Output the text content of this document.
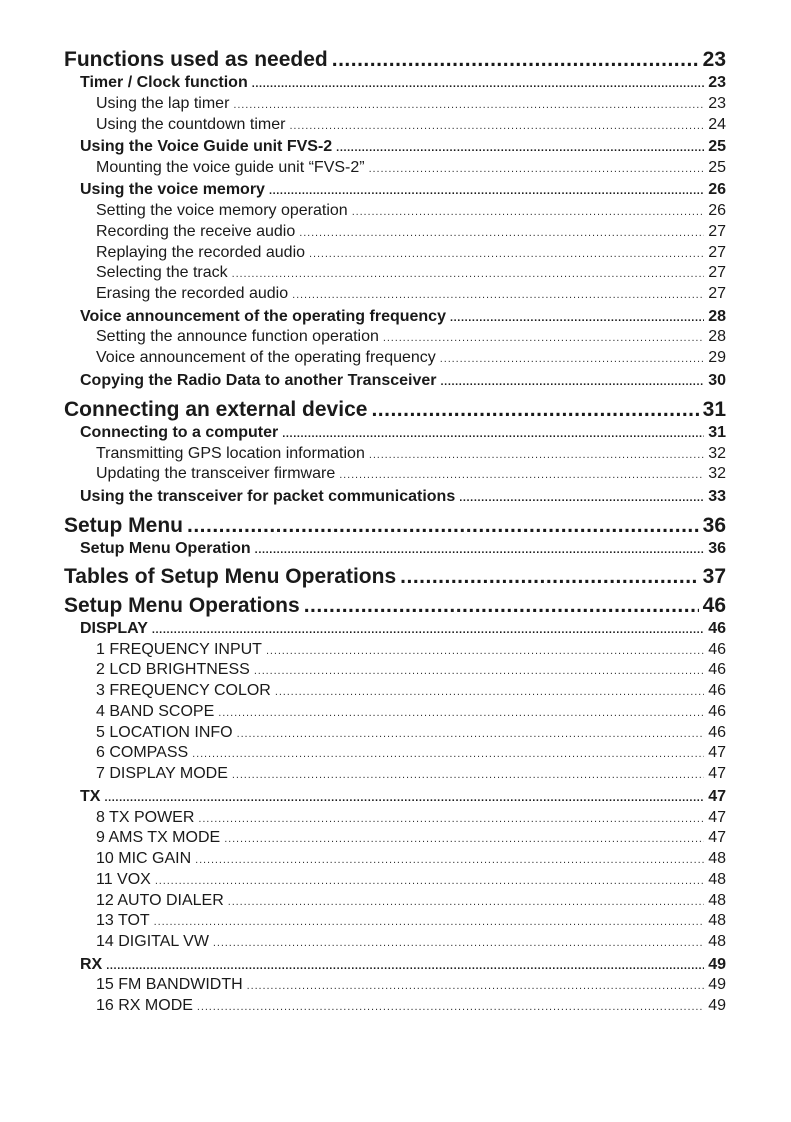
Functions used as needed .....	23
Timer / Clock function .....	23
Using the lap timer .....	23
Using the countdown timer .....	24
Using the Voice Guide unit FVS-2 .....	25
Mounting the voice guide unit “FVS-2” .....	25
Using the voice memory .....	26
Setting the voice memory operation .....	26
Recording the receive audio .....	27
Replaying the recorded audio .....	27
Selecting the track .....	27
Erasing the recorded audio .....	27
Voice announcement of the operating frequency .....	28
Setting the announce function operation .....	28
Voice announcement of the operating frequency .....	29
Copying the Radio Data to another Transceiver .....	30
Connecting an external device .....	31
Connecting to a computer .....	31
Transmitting GPS location information .....	32
Updating the transceiver firmware .....	32
Using the transceiver for packet communications .....	33
Setup Menu .....	36
Setup Menu Operation .....	36
Tables of Setup Menu Operations .....	37
Setup Menu Operations .....	46
DISPLAY .....	46
1 FREQUENCY INPUT .....	46
2 LCD BRIGHTNESS .....	46
3 FREQUENCY COLOR .....	46
4 BAND SCOPE .....	46
5 LOCATION INFO .....	46
6 COMPASS .....	47
7 DISPLAY MODE .....	47
TX .....	47
8 TX POWER .....	47
9 AMS TX MODE .....	47
10 MIC GAIN .....	48
11 VOX .....	48
12 AUTO DIALER .....	48
13 TOT .....	48
14 DIGITAL VW .....	48
RX .....	49
15 FM BANDWIDTH .....	49
16 RX MODE .....	49
